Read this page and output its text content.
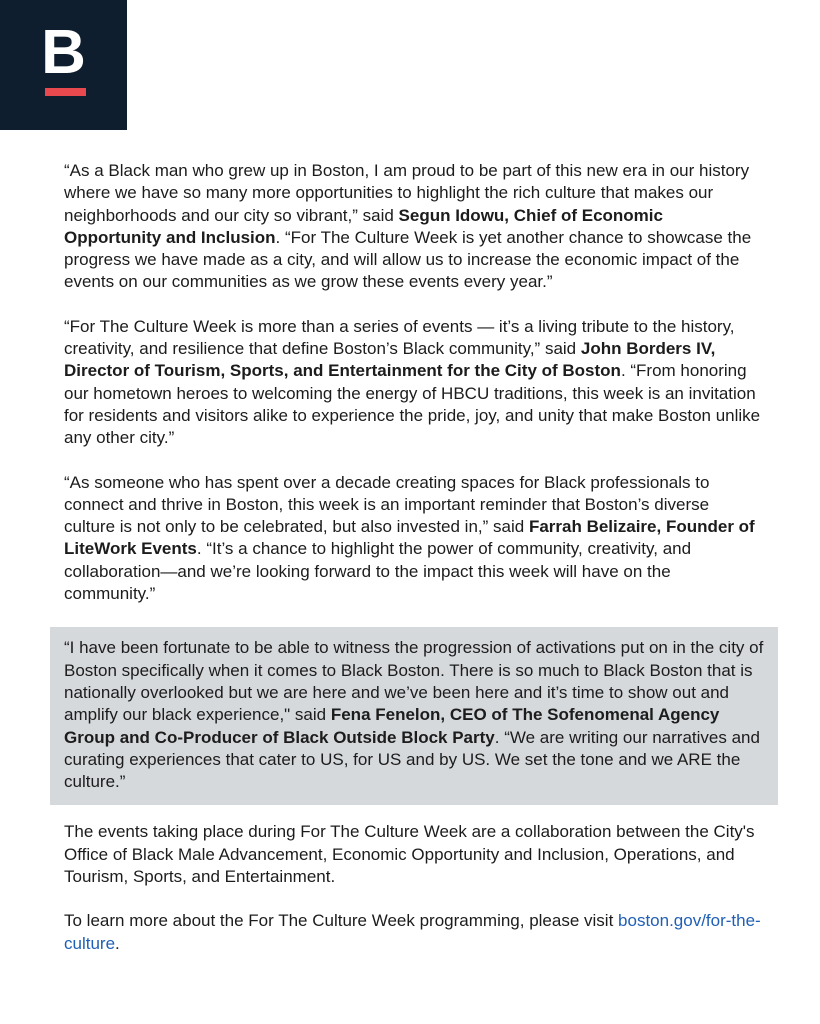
B

“As a Black man who grew up in Boston, I am proud to be part of this new era in our history where we have so many more opportunities to highlight the rich culture that makes our neighborhoods and our city so vibrant,” said Segun Idowu, Chief of Economic Opportunity and Inclusion. “For The Culture Week is yet another chance to showcase the progress we have made as a city, and will allow us to increase the economic impact of the events on our communities as we grow these events every year.”

“For The Culture Week is more than a series of events — it’s a living tribute to the history, creativity, and resilience that define Boston’s Black community,” said John Borders IV, Director of Tourism, Sports, and Entertainment for the City of Boston. “From honoring our hometown heroes to welcoming the energy of HBCU traditions, this week is an invitation for residents and visitors alike to experience the pride, joy, and unity that make Boston unlike any other city.”

“As someone who has spent over a decade creating spaces for Black professionals to connect and thrive in Boston, this week is an important reminder that Boston’s diverse culture is not only to be celebrated, but also invested in,” said Farrah Belizaire, Founder of LiteWork Events. “It’s a chance to highlight the power of community, creativity, and collaboration—and we’re looking forward to the impact this week will have on the community.”

“I have been fortunate to be able to witness the progression of activations put on in the city of Boston specifically when it comes to Black Boston. There is so much to Black Boston that is nationally overlooked but we are here and we’ve been here and it’s time to show out and amplify our black experience," said Fena Fenelon, CEO of The Sofenomenal Agency Group and Co-Producer of Black Outside Block Party. “We are writing our narratives and curating experiences that cater to US, for US and by US. We set the tone and we ARE the culture.”

The events taking place during For The Culture Week are a collaboration between the City's Office of Black Male Advancement, Economic Opportunity and Inclusion, Operations, and Tourism, Sports, and Entertainment.

To learn more about the For The Culture Week programming, please visit boston.gov/for-the-culture.
